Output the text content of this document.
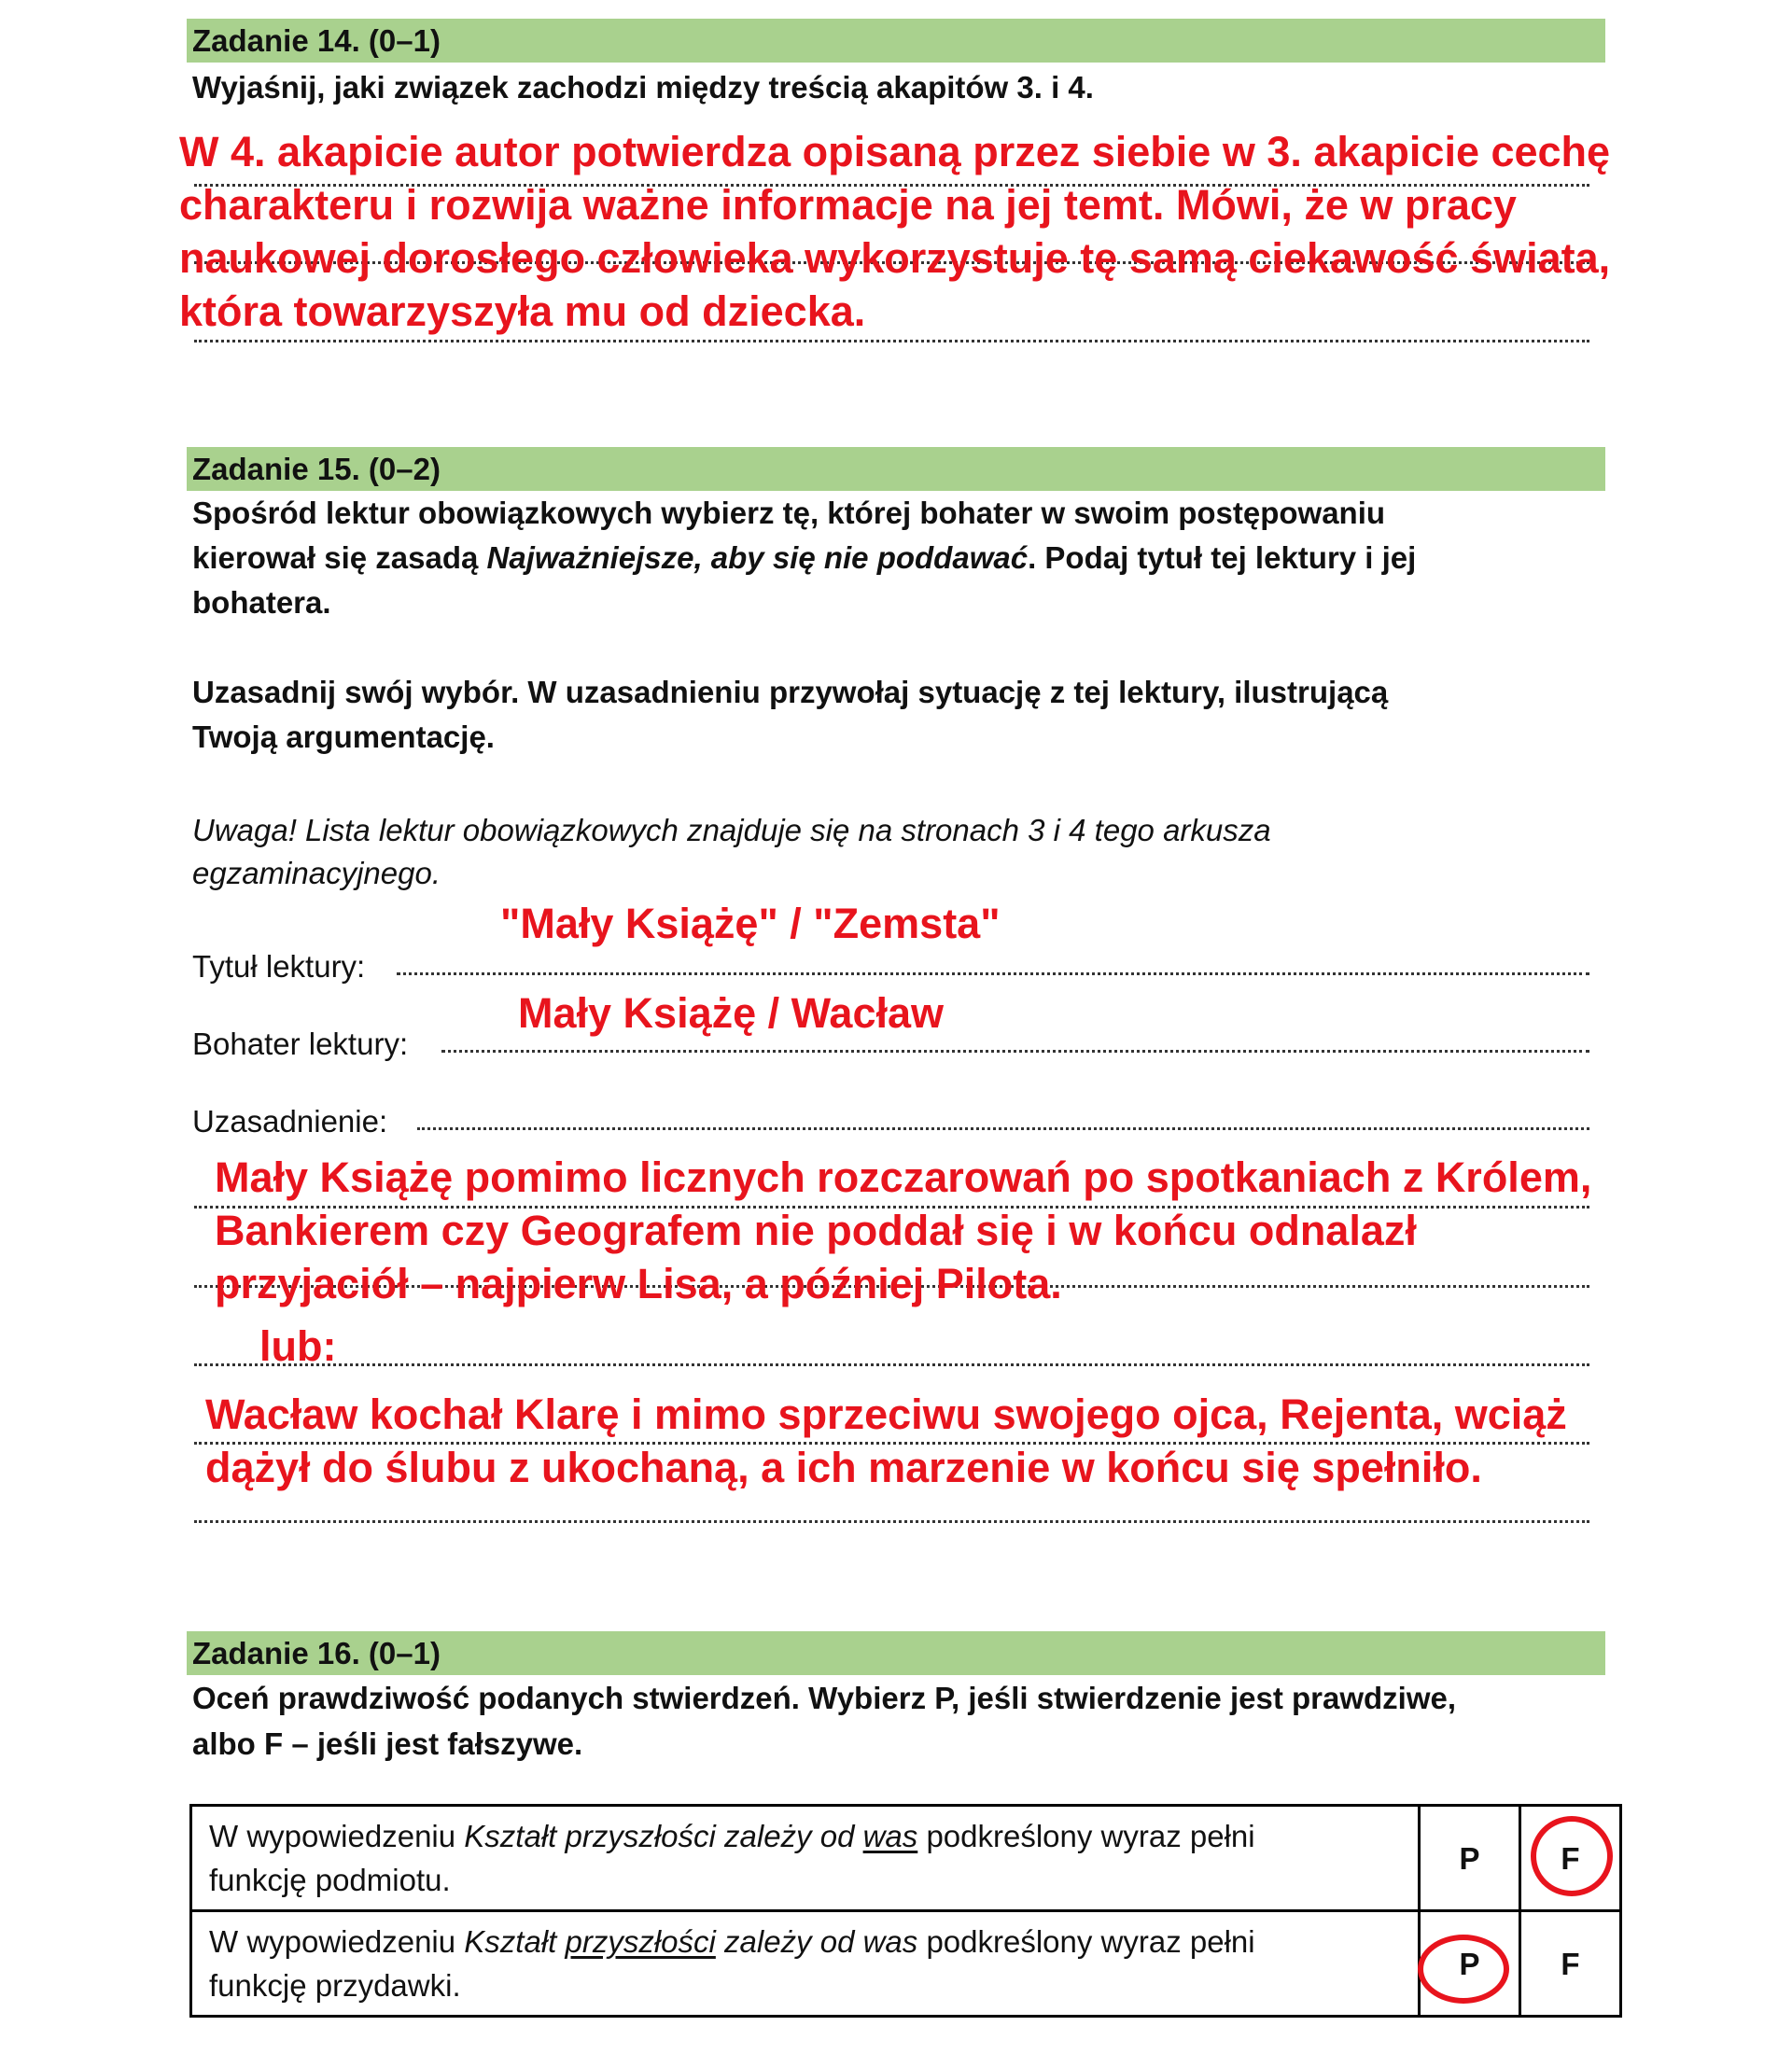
Zadanie 14. (0–1)
Wyjaśnij, jaki związek zachodzi między treścią akapitów 3. i 4.
W 4. akapicie autor potwierdza opisaną przez siebie w 3. akapicie cechę
charakteru i rozwija ważne informacje na jej temt. Mówi, że w pracy
naukowej dorosłego człowieka wykorzystuje tę samą ciekawość świata,
która towarzyszyła mu od dziecka.
Zadanie 15. (0–2)
Spośród lektur obowiązkowych wybierz tę, której bohater w swoim postępowaniu
kierował się zasadą Najważniejsze, aby się nie poddawać. Podaj tytuł tej lektury i jej
bohatera.
Uzasadnij swój wybór. W uzasadnieniu przywołaj sytuację z tej lektury, ilustrującą
Twoją argumentację.
Uwaga! Lista lektur obowiązkowych znajduje się na stronach 3 i 4 tego arkusza
egzaminacyjnego.
"Mały Książę" / "Zemsta"
Tytuł lektury:
Mały Książę / Wacław
Bohater lektury:
Uzasadnienie:
Mały Książę pomimo licznych rozczarowań po spotkaniach z Królem,
Bankierem czy Geografem nie poddał się i w końcu odnalazł
przyjaciół – najpierw Lisa, a później Pilota.
lub:
Wacław kochał Klarę i mimo sprzeciwu swojego ojca, Rejenta, wciąż
dążył do ślubu z ukochaną, a ich marzenie w końcu się spełniło.
Zadanie 16. (0–1)
Oceń prawdziwość podanych stwierdzeń. Wybierz P, jeśli stwierdzenie jest prawdziwe,
albo F – jeśli jest fałszywe.
W wypowiedzeniu Kształt przyszłości zależy od was podkreślony wyraz pełni
funkcję podmiotu.	P	F

W wypowiedzeniu Kształt przyszłości zależy od was podkreślony wyraz pełni
funkcję przydawki.	P	F
